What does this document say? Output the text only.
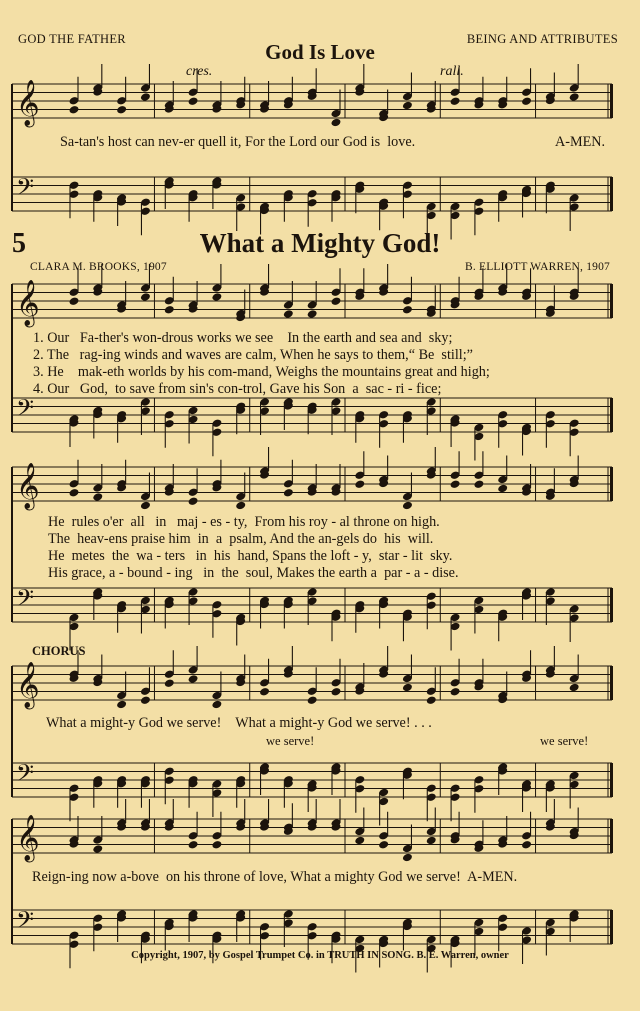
𝄞
𝄢
𝄞
𝄢
𝄞
𝄢
𝄞
𝄢
𝄞
𝄢
GOD THE FATHER	BEING AND ATTRIBUTES
God Is Love
cres.	rall.
Sa-tan's host can nev-er quell it, For the Lord our God is  love.	A-MEN.
5	What a Mighty God!
CLARA M. BROOKS, 1907	B. ELLIOTT WARREN, 1907
1. Our   Fa-ther's won-drous works we see    In the earth and sea and  sky;
2. The   rag-ing winds and waves are calm, When he says to them,“ Be  still;”
3. He    mak-eth worlds by his com-mand, Weighs the mountains great and high;
4. Our   God,  to save from sin's con-trol, Gave his Son  a  sac - ri - fice;
He  rules o'er  all   in   maj - es - ty,  From his roy - al throne on high.
The  heav-ens praise him  in  a  psalm, And the an-gels do  his  will.
He  metes  the  wa - ters   in  his  hand, Spans the loft - y,  star - lit  sky.
His grace, a - bound - ing   in  the  soul, Makes the earth a  par - a - dise.
CHORUS
What a might-y God we serve!    What a might-y God we serve! . . .
we serve!	we serve!
Reign-ing now a-bove  on his throne of love, What a mighty God we serve!  A-MEN.
Copyright, 1907, by Gospel Trumpet Co. in TRUTH IN SONG. B. E. Warren, owner
